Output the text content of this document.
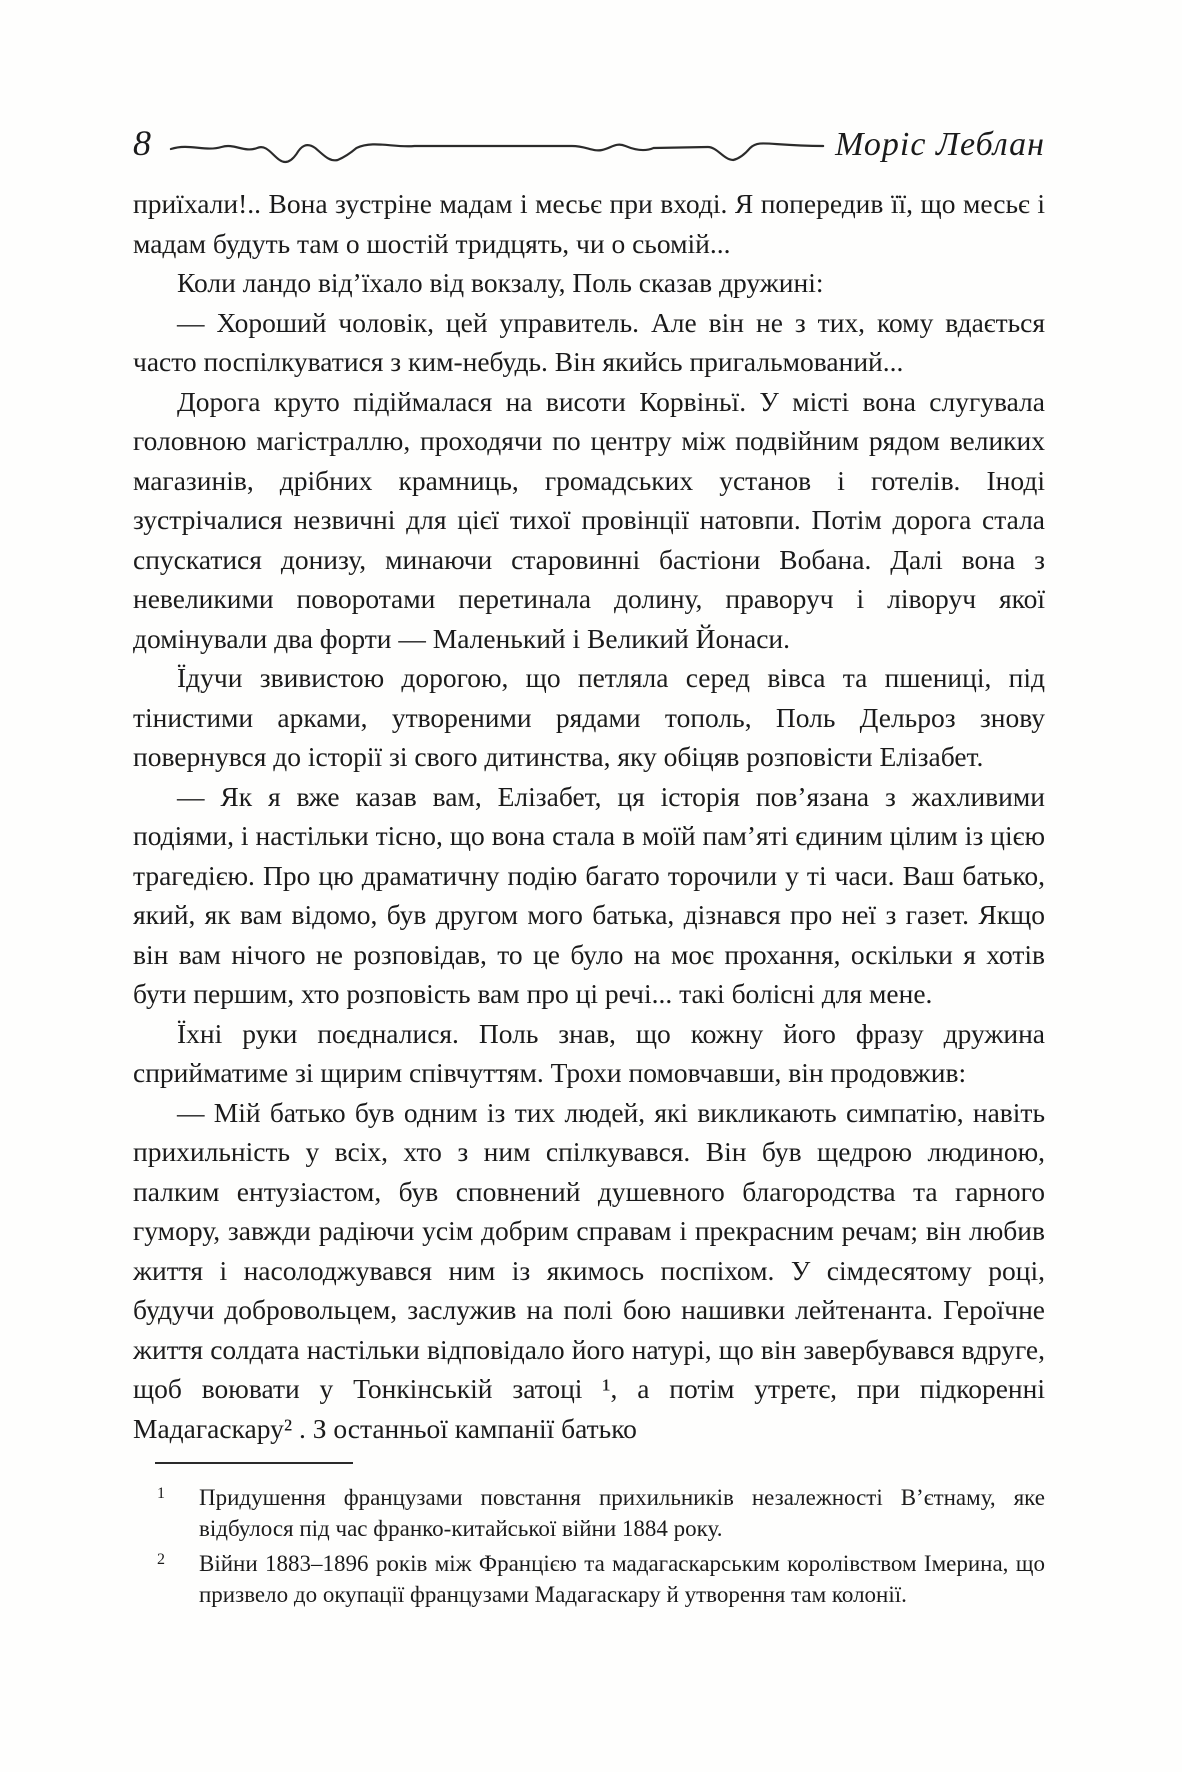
8	Моріс Леблан

приїхали!.. Вона зустріне мадам і месьє при вході. Я попередив її, що месьє і мадам будуть там о шостій тридцять, чи о сьомій...

Коли ландо від’їхало від вокзалу, Поль сказав дружині:

— Хороший чоловік, цей управитель. Але він не з тих, кому вдається часто поспілкуватися з ким-небудь. Він якийсь пригальмований...

Дорога круто підіймалася на висоти Корвіньї. У місті вона слугувала головною магістраллю, проходячи по центру між подвійним рядом великих магазинів, дрібних крамниць, громадських установ і готелів. Іноді зустрічалися незвичні для цієї тихої провінції натовпи. Потім дорога стала спускатися донизу, минаючи старовинні бастіони Вобана. Далі вона з невеликими поворотами перетинала долину, праворуч і ліворуч якої домінували два форти — Маленький і Великий Йонаси.

Їдучи звивистою дорогою, що петляла серед вівса та пшениці, під тінистими арками, утвореними рядами тополь, Поль Дельроз знову повернувся до історії зі свого дитинства, яку обіцяв розповісти Елізабет.

— Як я вже казав вам, Елізабет, ця історія пов’язана з жахливими подіями, і настільки тісно, що вона стала в моїй пам’яті єдиним цілим із цією трагедією. Про цю драматичну подію багато торочили у ті часи. Ваш батько, який, як вам відомо, був другом мого батька, дізнався про неї з газет. Якщо він вам нічого не розповідав, то це було на моє прохання, оскільки я хотів бути першим, хто розповість вам про ці речі... такі болісні для мене.

Їхні руки поєдналися. Поль знав, що кожну його фразу дружина сприйматиме зі щирим співчуттям. Трохи помовчавши, він продовжив:

— Мій батько був одним із тих людей, які викликають симпатію, навіть прихильність у всіх, хто з ним спілкувався. Він був щедрою людиною, палким ентузіастом, був сповнений душевного благородства та гарного гумору, завжди радіючи усім добрим справам і прекрасним речам; він любив життя і насолоджувався ним із якимось поспіхом. У сімдесятому році, будучи добровольцем, заслужив на полі бою нашивки лейтенанта. Героїчне життя солдата настільки відповідало його натурі, що він завербувався вдруге, щоб воювати у Тонкінській затоці ¹, а потім утретє, при підкоренні Мадагаскару² . З останньої кампанії батько

1 Придушення французами повстання прихильників незалежності В’єтнаму, яке відбулося під час франко-китайської війни 1884 року.
2 Війни 1883–1896 років між Францією та мадагаскарським королівством Імерина, що призвело до окупації французами Мадагаскару й утворення там колонії.
